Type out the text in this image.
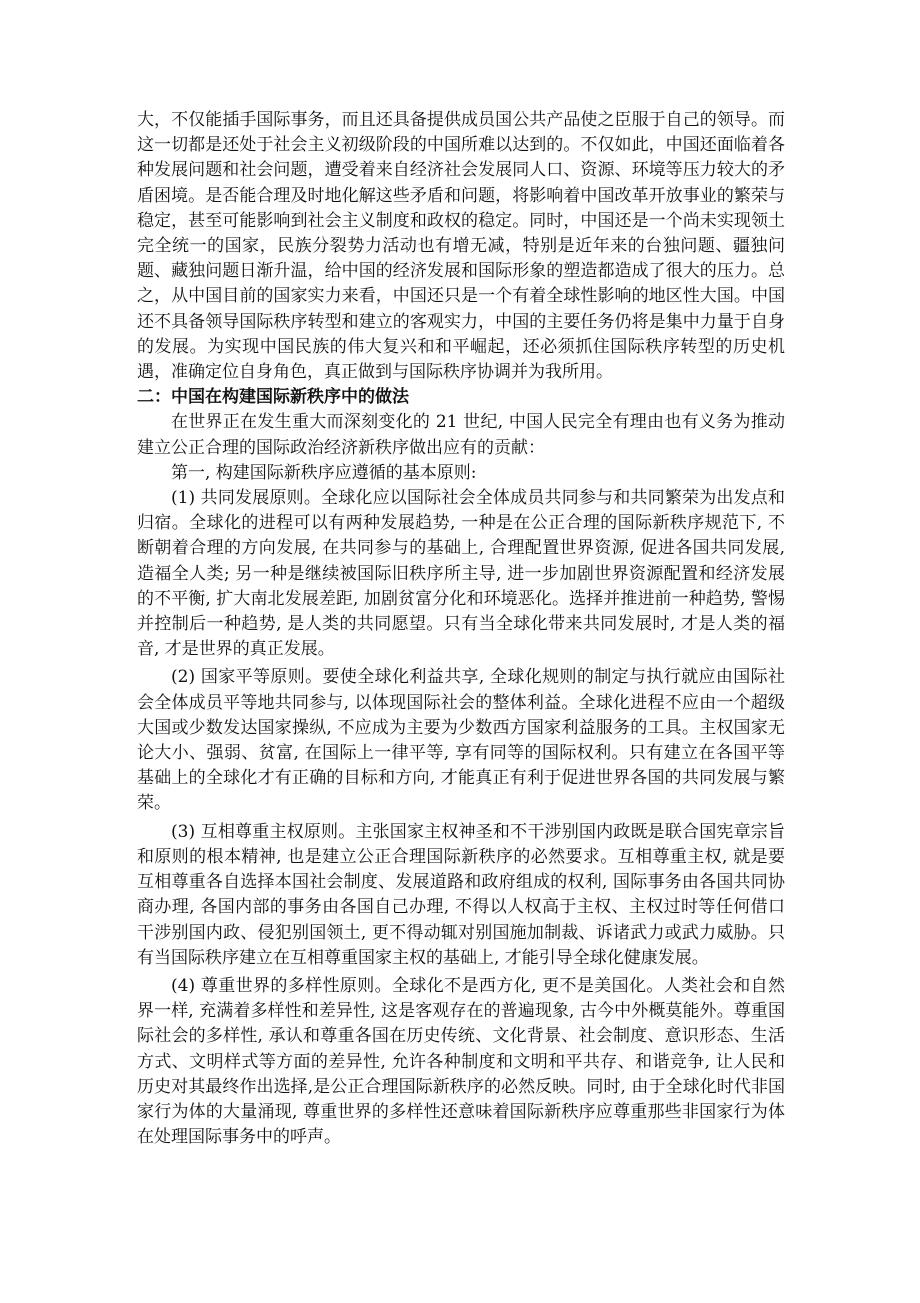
大，不仅能插手国际事务，而且还具备提供成员国公共产品使之臣服于自己的领导。而这一切都是还处于社会主义初级阶段的中国所难以达到的。不仅如此，中国还面临着各种发展问题和社会问题，遭受着来自经济社会发展同人口、资源、环境等压力较大的矛盾困境。是否能合理及时地化解这些矛盾和问题，将影响着中国改革开放事业的繁荣与稳定，甚至可能影响到社会主义制度和政权的稳定。同时，中国还是一个尚未实现领土完全统一的国家，民族分裂势力活动也有增无减，特别是近年来的台独问题、疆独问题、藏独问题日渐升温，给中国的经济发展和国际形象的塑造都造成了很大的压力。总之，从中国目前的国家实力来看，中国还只是一个有着全球性影响的地区性大国。中国还不具备领导国际秩序转型和建立的客观实力，中国的主要任务仍将是集中力量于自身的发展。为实现中国民族的伟大复兴和和平崛起，还必须抓住国际秩序转型的历史机遇，准确定位自身角色，真正做到与国际秩序协调并为我所用。

二：中国在构建国际新秩序中的做法

在世界正在发生重大而深刻变化的 21 世纪, 中国人民完全有理由也有义务为推动建立公正合理的国际政治经济新秩序做出应有的贡献：

第一, 构建国际新秩序应遵循的基本原则:

(1) 共同发展原则。全球化应以国际社会全体成员共同参与和共同繁荣为出发点和归宿。全球化的进程可以有两种发展趋势, 一种是在公正合理的国际新秩序规范下, 不断朝着合理的方向发展, 在共同参与的基础上, 合理配置世界资源, 促进各国共同发展, 造福全人类; 另一种是继续被国际旧秩序所主导, 进一步加剧世界资源配置和经济发展的不平衡, 扩大南北发展差距, 加剧贫富分化和环境恶化。选择并推进前一种趋势, 警惕并控制后一种趋势, 是人类的共同愿望。只有当全球化带来共同发展时, 才是人类的福音, 才是世界的真正发展。

(2) 国家平等原则。要使全球化利益共享, 全球化规则的制定与执行就应由国际社会全体成员平等地共同参与, 以体现国际社会的整体利益。全球化进程不应由一个超级大国或少数发达国家操纵, 不应成为主要为少数西方国家利益服务的工具。主权国家无论大小、强弱、贫富, 在国际上一律平等, 享有同等的国际权利。只有建立在各国平等基础上的全球化才有正确的目标和方向, 才能真正有利于促进世界各国的共同发展与繁荣。

(3) 互相尊重主权原则。主张国家主权神圣和不干涉别国内政既是联合国宪章宗旨和原则的根本精神, 也是建立公正合理国际新秩序的必然要求。互相尊重主权, 就是要互相尊重各自选择本国社会制度、发展道路和政府组成的权利, 国际事务由各国共同协商办理, 各国内部的事务由各国自己办理, 不得以人权高于主权、主权过时等任何借口干涉别国内政、侵犯别国领土, 更不得动辄对别国施加制裁、诉诸武力或武力威胁。只有当国际秩序建立在互相尊重国家主权的基础上, 才能引导全球化健康发展。

(4) 尊重世界的多样性原则。全球化不是西方化, 更不是美国化。人类社会和自然界一样, 充满着多样性和差异性, 这是客观存在的普遍现象, 古今中外概莫能外。尊重国际社会的多样性, 承认和尊重各国在历史传统、文化背景、社会制度、意识形态、生活方式、文明样式等方面的差异性, 允许各种制度和文明和平共存、和谐竞争, 让人民和历史对其最终作出选择,是公正合理国际新秩序的必然反映。同时, 由于全球化时代非国家行为体的大量涌现, 尊重世界的多样性还意味着国际新秩序应尊重那些非国家行为体在处理国际事务中的呼声。
